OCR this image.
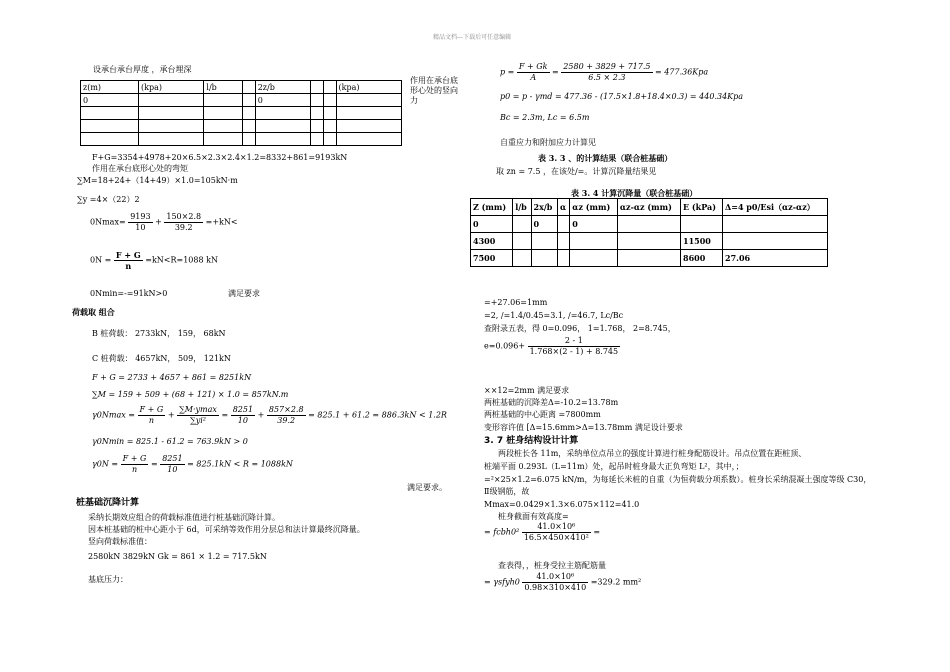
精品文档---下载后可任意编辑
设承台承台厚度 ，承台埋深
z(m)	(kpa)	l/b		2z/b			(kpa)
0				0			

作用在承台底
形心处的竖向
力
F+G=3354+4978+20×6.5×2.3×2.4×1.2=8332+861=9193kN
作用在承台底形心处的弯矩
∑M=18+24+（14+49）×1.0=105kN·m
∑y =4×（22）2
$0Nmax= \frac{9193}{10} + \frac{150\times 2.8}{39.2} =+kN<$
$0N = \frac{F + G}{n} =kN<R=1088$ kN
0Nmin=-=91kN>0	满足要求
荷载取 组合
B 桩荷载： 2733kN， 159， 68kN
C 桩荷载： 4657kN， 509， 121kN
F + G = 2733 + 4657 + 861 = 8251kN
∑M = 159 + 509 + (68 + 121) × 1.0 = 857kN.m
$\gamma 0Nmax = \frac{F + G}{n} + \frac{\sum M\cdot ymax}{\text{∑yi²}} = \frac{8251}{10} + \frac{857\times 2.8}{39.2} = 825.1 + 61.2 = 886.3kN < 1.2R$
γ0Nmin = 825.1 - 61.2 = 763.9kN > 0
$\gamma 0N = \frac{F + G}{n} = \frac{8251}{10} = 825.1kN < R = 1088kN$
满足要求。
桩基础沉降计算
采纳长期效应组合的荷载标准值进行桩基础沉降计算。
因本桩基础的桩中心距小于 6d，可采纳等效作用分层总和法计算最终沉降量。
竖向荷载标准值：
2580kN 3829kN Gk = 861 × 1.2 = 717.5kN
基底压力：
$p = \frac{F + Gk}{A} = \frac{2580 + 3829 + 717.5}{6.5 \times 2.3} = 477.36Kpa$
p0 = p - γmd = 477.36 - (17.5×1.8+18.4×0.3) = 440.34Kpa
Bc = 2.3m, Lc = 6.5m
自重应力和附加应力计算见
表 3. 3 、的计算结果（联合桩基础）
取 zn = 7.5 ，在该处/=。计算沉降量结果见
表 3. 4 计算沉降量（联合桩基础）
Z (mm)	l/b	2x/b	α	αz (mm)	αz-αz (mm)	E (kPa)	Δ=4 p0/Esi（αz-αz）
0		0		0			
4300						11500	
7500						8600	27.06
=+27.06=1mm
=2, /=1.4/0.45=3.1, /=46.7, Lc/Bc
查附录五表，得 0=0.096， 1=1.768， 2=8.745，
$e=0.096+ \frac{2 - 1}{1.768\times(2 - 1) + 8.745}$
××12=2mm 满足要求
两桩基础的沉降差Δ=-10.2=13.78m
两桩基础的中心距离 =7800mm
变形容许值 [Δ=15.6mm>Δ=13.78mm 满足设计要求
3. 7 桩身结构设计计算
两段桩长各 11m，采纳单位点吊立的强度计算进行桩身配筋设计。吊点位置在距桩顶、
桩端平面 0.293L（L=11m）处，起吊时桩身最大正负弯矩 L²，其中，；
=²×25×1.2=6.075 kN/m，为每延长米桩的自重（为恒荷载分项系数）。桩身长采纳混凝土强度等级 C30，
Ⅱ级钢筋，故
Mmax=0.0429×1.3×6.075×112=41.0
桩身截面有效高度=
= fcbh0² $\frac{\text{41.0×10⁶}}{\text{16.5×450×410²}}$ =
查表得，，桩身受拉主筋配筋量
= γsfyh0 $\frac{\text{41.0×10⁶}}{0.98\times 310\times 410} =329.2$ mm²
